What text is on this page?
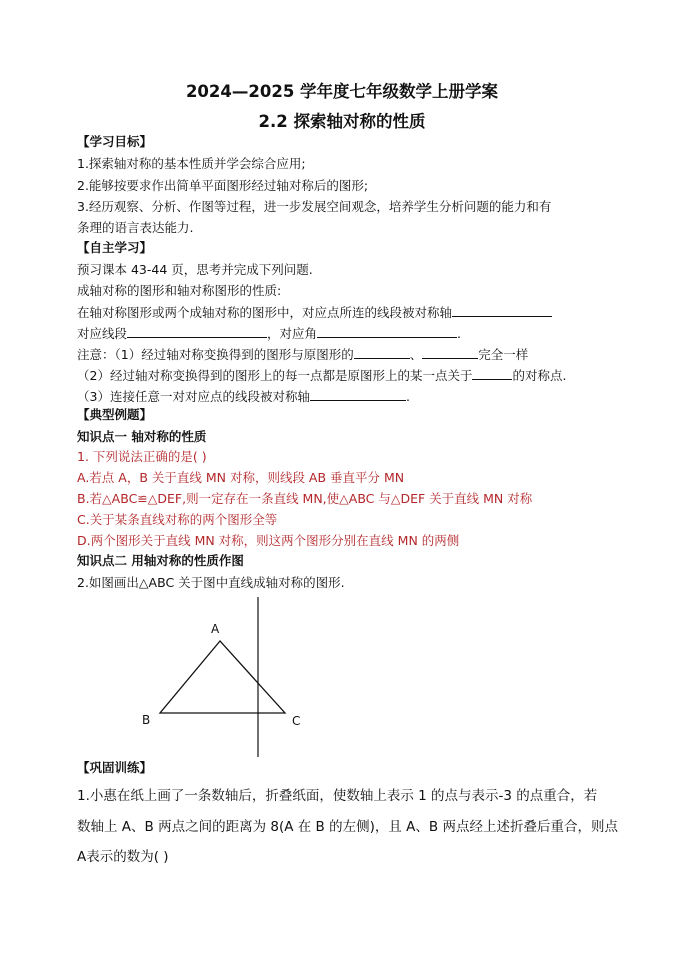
2024—2025 学年度七年级数学上册学案
2.2 探索轴对称的性质
【学习目标】
1.探索轴对称的基本性质并学会综合应用;
2.能够按要求作出简单平面图形经过轴对称后的图形;
3.经历观察、分析、作图等过程，进一步发展空间观念，培养学生分析问题的能力和有
条理的语言表达能力.
【自主学习】
预习课本 43-44 页，思考并完成下列问题.
成轴对称的图形和轴对称图形的性质:
在轴对称图形或两个成轴对称的图形中，对应点所连的线段被对称轴
对应线段	，对应角	.
注意：（1）经过轴对称变换得到的图形与原图形的	、	完全一样
（2）经过轴对称变换得到的图形上的每一点都是原图形上的某一点关于	的对称点.
（3）连接任意一对对应点的线段被对称轴	.
【典型例题】
知识点一 轴对称的性质
1. 下列说法正确的是( )
A.若点 A，B 关于直线 MN 对称，则线段 AB 垂直平分 MN
B.若△ABC≌△DEF,则一定存在一条直线 MN,使△ABC 与△DEF 关于直线 MN 对称
C.关于某条直线对称的两个图形全等
D.两个图形关于直线 MN 对称，则这两个图形分别在直线 MN 的两侧
知识点二 用轴对称的性质作图
2.如图画出△ABC 关于图中直线成轴对称的图形.
A
B	C
【巩固训练】
1.小惠在纸上画了一条数轴后，折叠纸面，使数轴上表示 1 的点与表示-3 的点重合，若
数轴上 A、B 两点之间的距离为 8(A 在 B 的左侧)，且 A、B 两点经上述折叠后重合，则点
A表示的数为( )
